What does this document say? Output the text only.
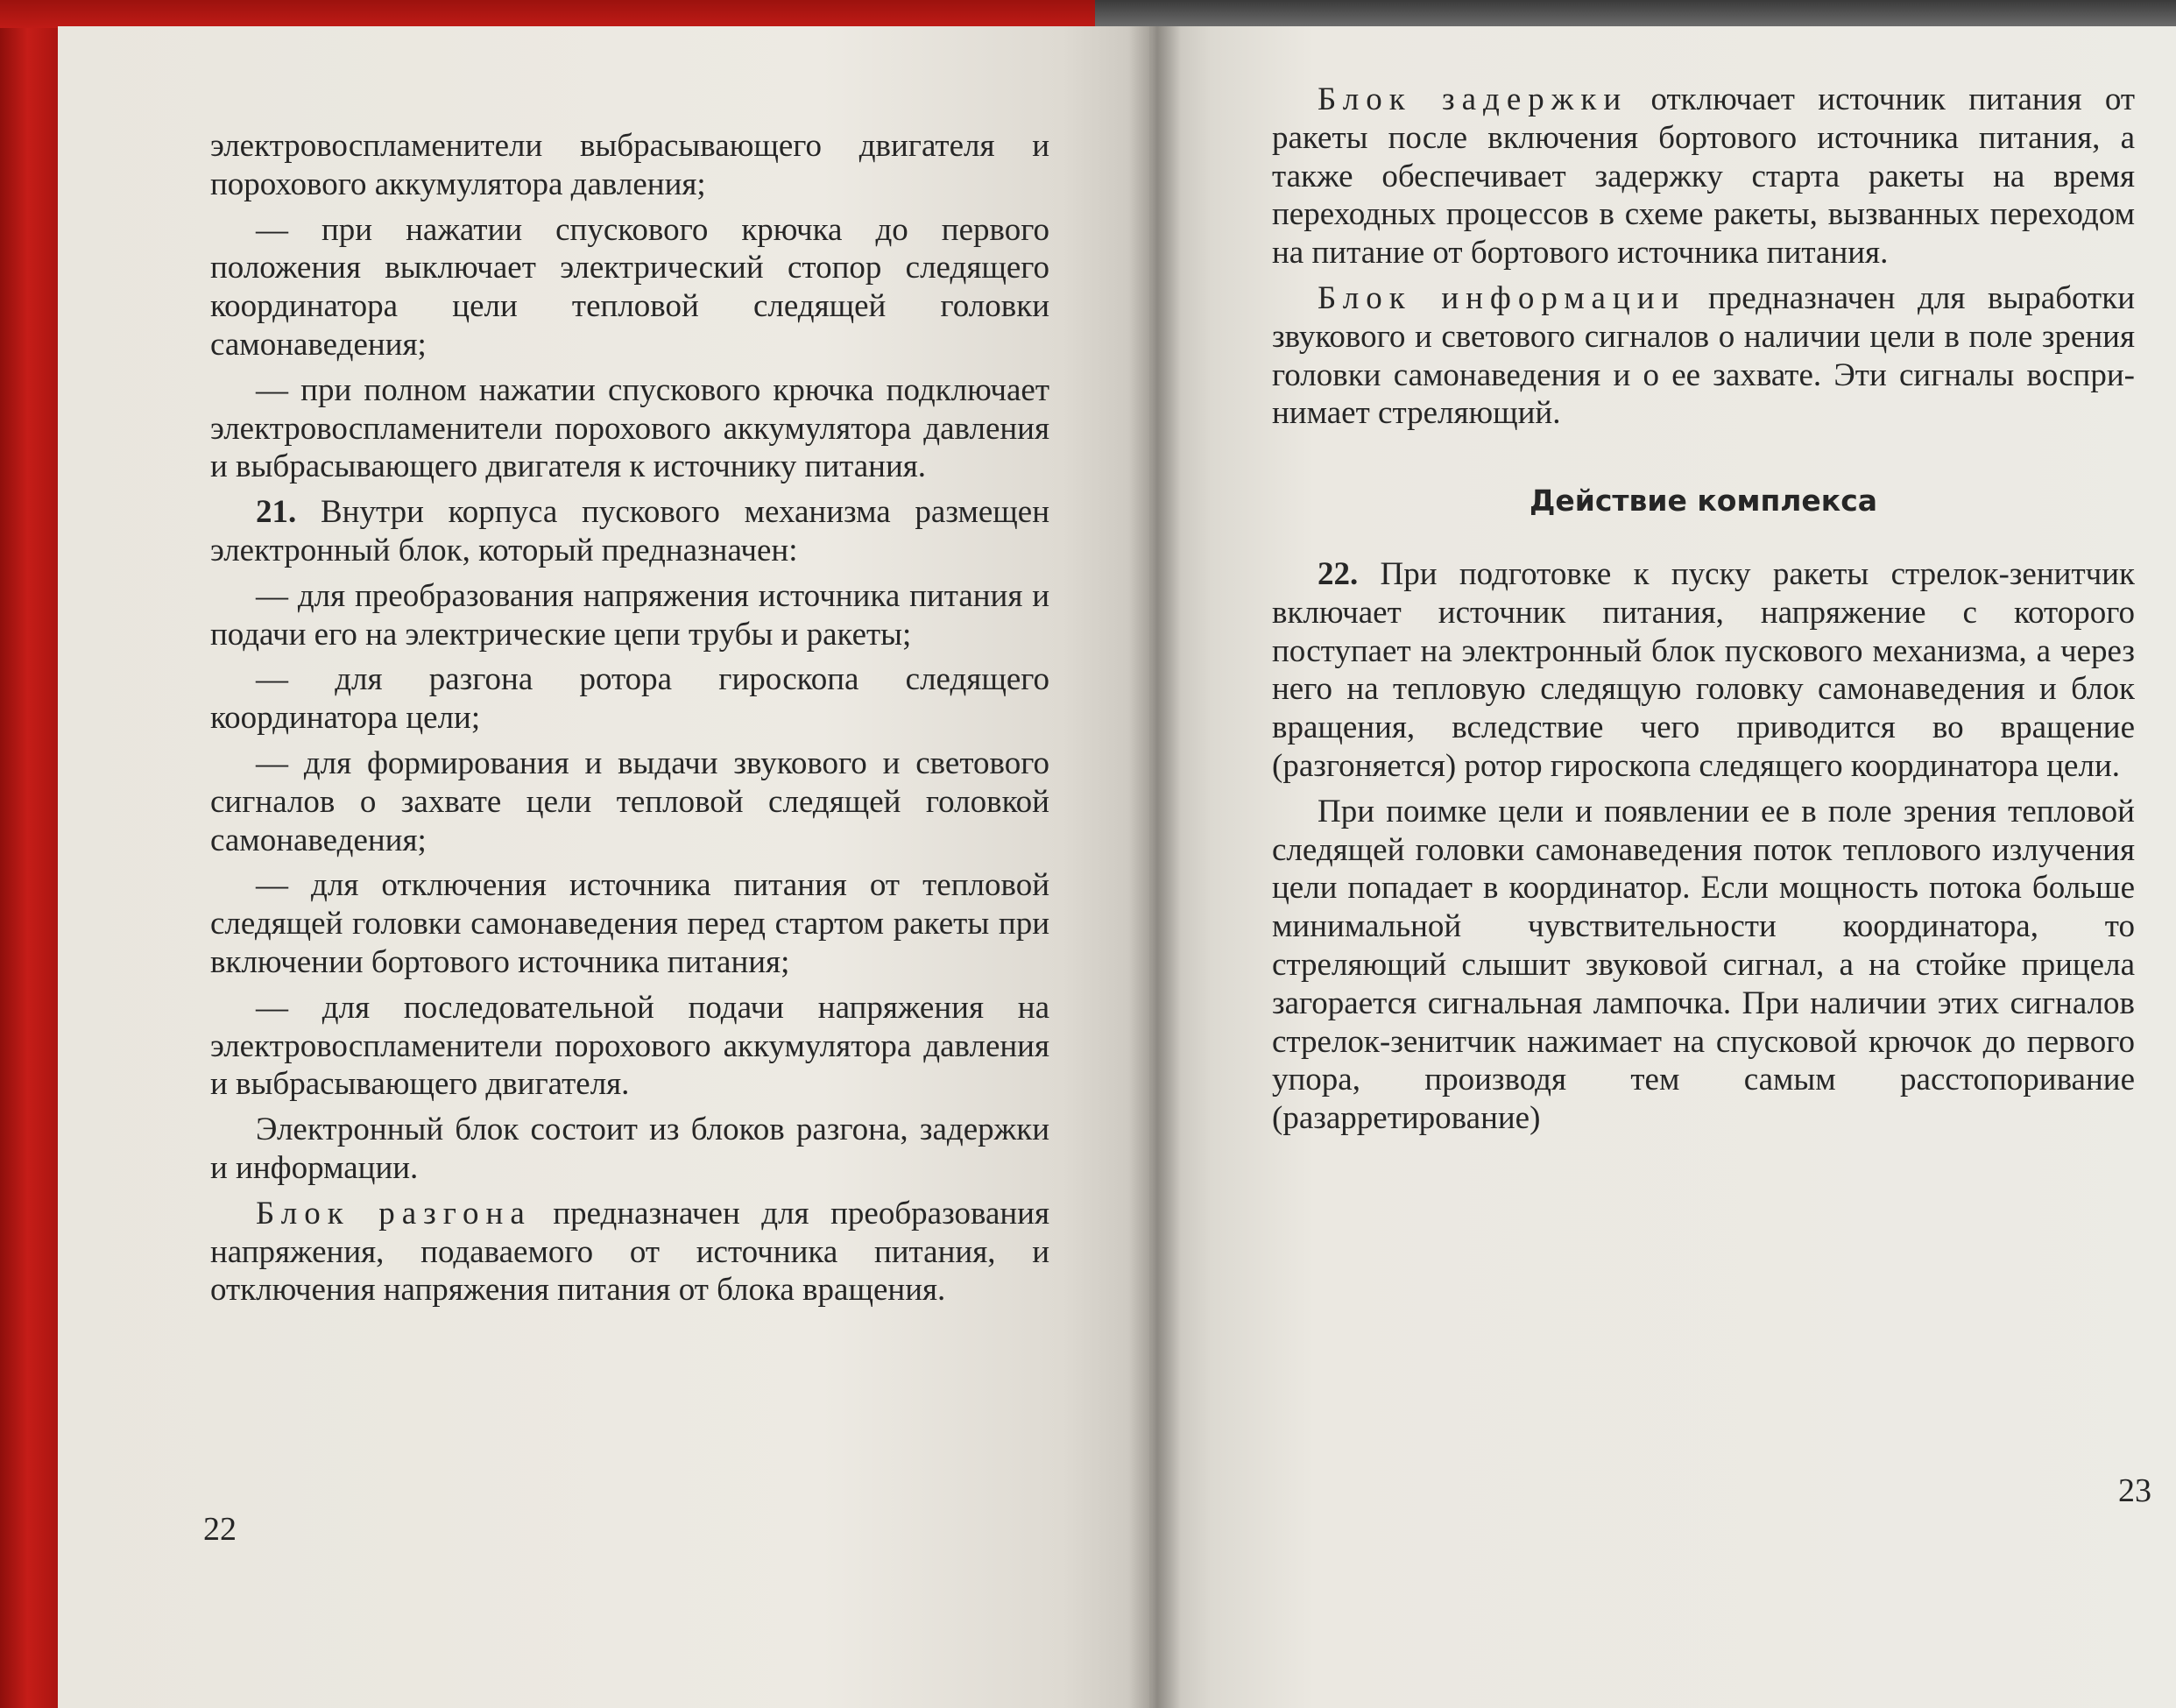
электровоспламенители выбрасывающего двигателя и порохового аккумулятора давления;

— при нажатии спускового крючка до первого положения выключает электрический стопор следящего координатора цели тепловой следящей головки самонаведения;

— при полном нажатии спускового крючка подключает электровоспламенители порохового аккумулятора давления и выбрасывающего двигателя к источнику питания.

21. Внутри корпуса пускового механизма размещен электронный блок, который предназначен:

— для преобразования напряжения источника питания и подачи его на электрические цепи трубы и ракеты;

— для разгона ротора гироскопа следящего координатора цели;

— для формирования и выдачи звукового и светового сигналов о захвате цели тепловой следящей головкой самонаведения;

— для отключения источника питания от тепловой следящей головки самонаведения перед стартом ракеты при включении бортового источника питания;

— для последовательной подачи напряжения на электровоспламенители порохового аккумулятора давления и выбрасывающего двигателя.

Электронный блок состоит из блоков разгона, задержки и информации.

Блок разгона предназначен для преобразования напряжения, подаваемого от источника питания, и отключения напряжения питания от блока вращения.

22

Блок задержки отключает источник питания от ракеты после включения бортового источника питания, а также обеспечивает задержку старта ракеты на время переходных процессов в схеме ракеты, вызванных переходом на питание от бортового источника питания.

Блок информации предназначен для выработки звукового и светового сигналов о наличии цели в поле зрения головки самонаведения и о ее захвате. Эти сигналы воспринимает стреляющий.

Действие комплекса

22. При подготовке к пуску ракеты стрелок-зенитчик включает источник питания, напряжение с которого поступает на электронный блок пускового механизма, а через него на тепловую следящую головку самонаведения и блок вращения, вследствие чего приводится во вращение (разгоняется) ротор гироскопа следящего координатора цели.

При поимке цели и появлении ее в поле зрения тепловой следящей головки самонаведения поток теплового излучения цели попадает в координатор. Если мощность потока больше минимальной чувствительности координатора, то стреляющий слышит звуковой сигнал, а на стойке прицела загорается сигнальная лампочка. При наличии этих сигналов стрелок-зенитчик нажимает на спусковой крючок до первого упора, производя тем самым расстопоривание (разарретирование)

23
